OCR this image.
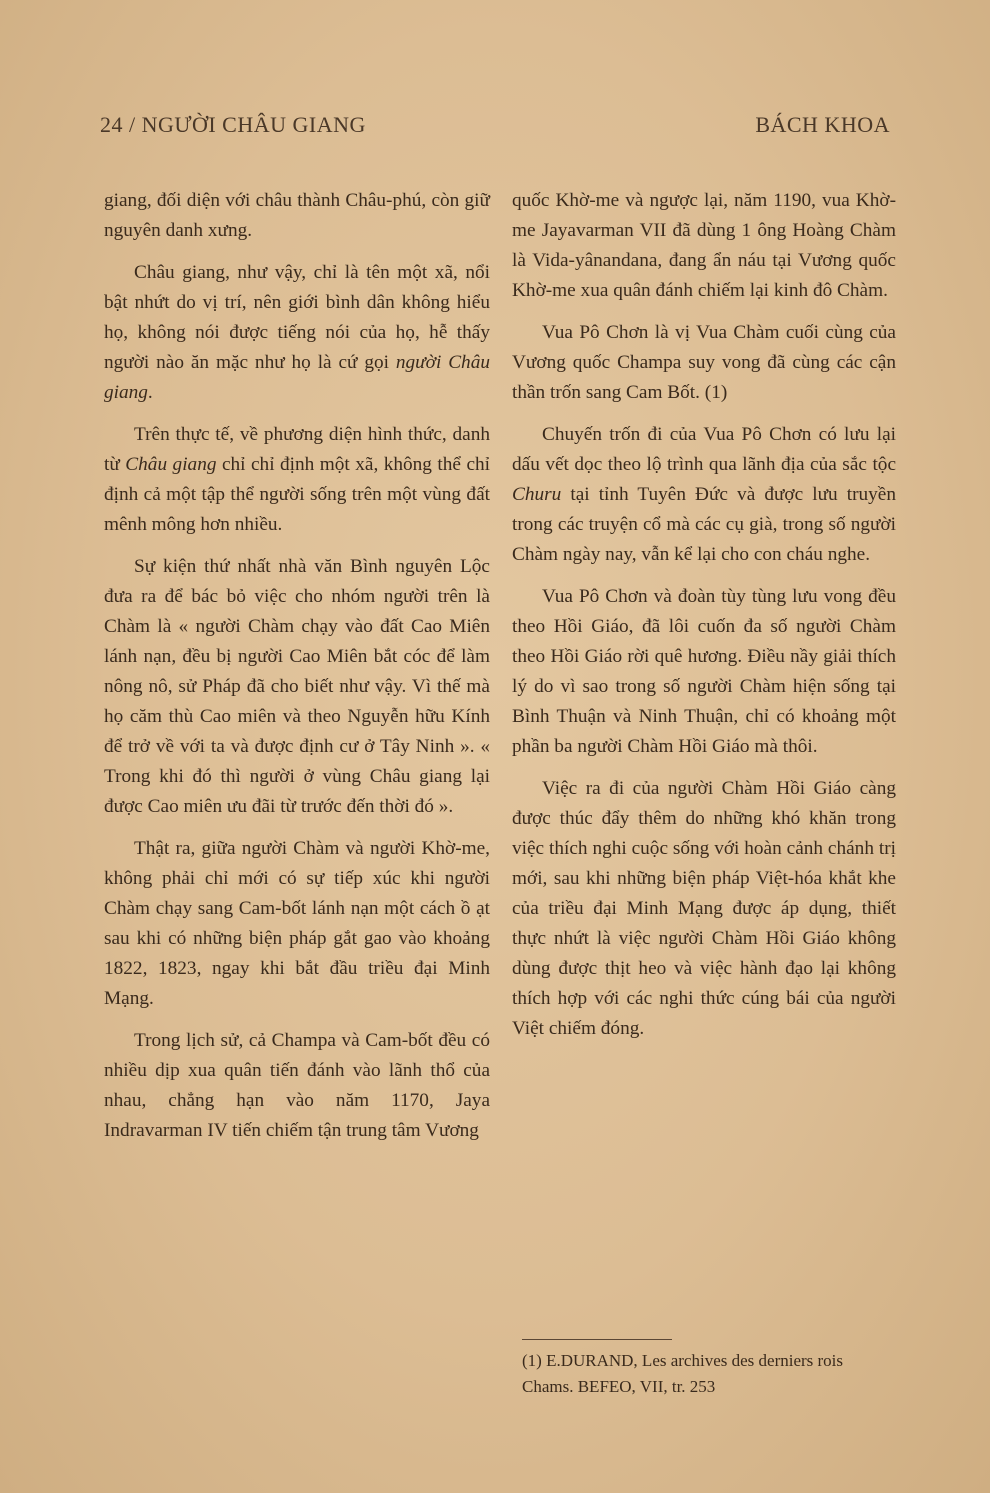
24 / NGƯỜI CHÂU GIANG	BÁCH KHOA

giang, đối diện với châu thành Châu-phú, còn giữ nguyên danh xưng.

Châu giang, như vậy, chỉ là tên một xã, nổi bật nhứt do vị trí, nên giới bình dân không hiểu họ, không nói được tiếng nói của họ, hễ thấy người nào ăn mặc như họ là cứ gọi người Châu giang.

Trên thực tế, về phương diện hình thức, danh từ Châu giang chỉ chỉ định một xã, không thể chỉ định cả một tập thể người sống trên một vùng đất mênh mông hơn nhiều.

Sự kiện thứ nhất nhà văn Bình nguyên Lộc đưa ra để bác bỏ việc cho nhóm người trên là Chàm là « người Chàm chạy vào đất Cao Miên lánh nạn, đều bị người Cao Miên bắt cóc để làm nông nô, sử Pháp đã cho biết như vậy. Vì thế mà họ căm thù Cao miên và theo Nguyễn hữu Kính để trở về với ta và được định cư ở Tây Ninh ». « Trong khi đó thì người ở vùng Châu giang lại được Cao miên ưu đãi từ trước đến thời đó ».

Thật ra, giữa người Chàm và người Khờ-me, không phải chỉ mới có sự tiếp xúc khi người Chàm chạy sang Cam-bốt lánh nạn một cách ồ ạt sau khi có những biện pháp gắt gao vào khoảng 1822, 1823, ngay khi bắt đầu triều đại Minh Mạng.

Trong lịch sử, cả Champa và Cam-bốt đều có nhiều dịp xua quân tiến đánh vào lãnh thổ của nhau, chẳng hạn vào năm 1170, Jaya Indravarman IV tiến chiếm tận trung tâm Vương

quốc Khờ-me và ngược lại, năm 1190, vua Khờ-me Jayavarman VII đã dùng 1 ông Hoàng Chàm là Vida-yânandana, đang ẩn náu tại Vương quốc Khờ-me xua quân đánh chiếm lại kinh đô Chàm.

Vua Pô Chơn là vị Vua Chàm cuối cùng của Vương quốc Champa suy vong đã cùng các cận thần trốn sang Cam Bốt. (1)

Chuyến trốn đi của Vua Pô Chơn có lưu lại dấu vết dọc theo lộ trình qua lãnh địa của sắc tộc Churu tại tỉnh Tuyên Đức và được lưu truyền trong các truyện cổ mà các cụ già, trong số người Chàm ngày nay, vẫn kể lại cho con cháu nghe.

Vua Pô Chơn và đoàn tùy tùng lưu vong đều theo Hồi Giáo, đã lôi cuốn đa số người Chàm theo Hồi Giáo rời quê hương. Điều nầy giải thích lý do vì sao trong số người Chàm hiện sống tại Bình Thuận và Ninh Thuận, chỉ có khoảng một phần ba người Chàm Hồi Giáo mà thôi.

Việc ra đi của người Chàm Hồi Giáo càng được thúc đẩy thêm do những khó khăn trong việc thích nghi cuộc sống với hoàn cảnh chánh trị mới, sau khi những biện pháp Việt-hóa khắt khe của triều đại Minh Mạng được áp dụng, thiết thực nhứt là việc người Chàm Hồi Giáo không dùng được thịt heo và việc hành đạo lại không thích hợp với các nghi thức cúng bái của người Việt chiếm đóng.

(1) E.DURAND, Les archives des derniers rois Chams. BEFEO, VII, tr. 253
